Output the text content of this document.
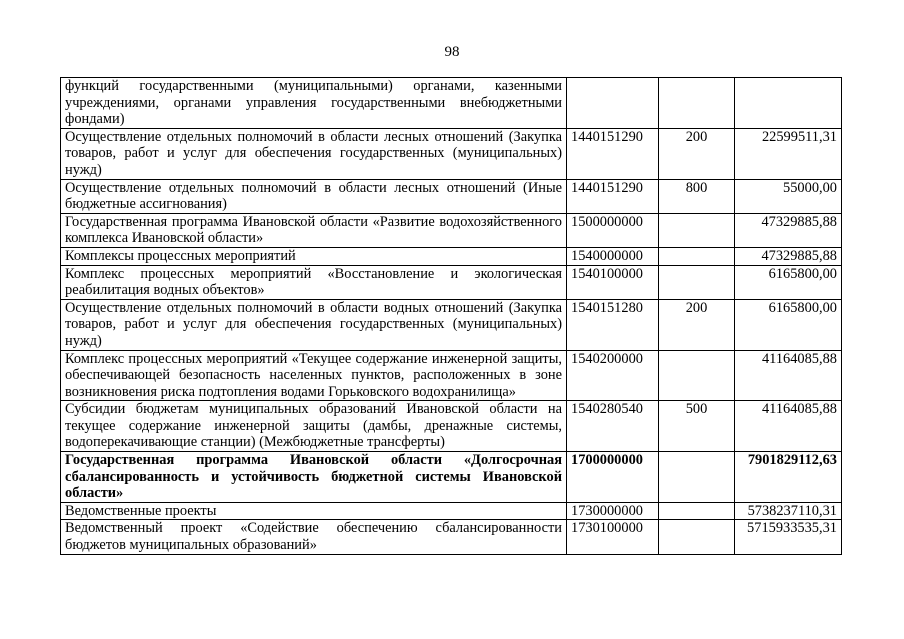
98
функций государственными (муниципальными) органами, казенными учреждениями, органами управления государственными внебюджетными фондами)			
Осуществление отдельных полномочий в области лесных отношений (Закупка товаров, работ и услуг для обеспечения государственных (муниципальных) нужд)	1440151290	200	22599511,31
Осуществление отдельных полномочий в области лесных отношений (Иные бюджетные ассигнования)	1440151290	800	55000,00
Государственная программа Ивановской области «Развитие водохозяйственного комплекса Ивановской области»	1500000000		47329885,88
Комплексы процессных мероприятий	1540000000		47329885,88
Комплекс процессных мероприятий «Восстановление и экологическая реабилитация водных объектов»	1540100000		6165800,00
Осуществление отдельных полномочий в области водных отношений (Закупка товаров, работ и услуг для обеспечения государственных (муниципальных) нужд)	1540151280	200	6165800,00
Комплекс процессных мероприятий «Текущее содержание инженерной защиты, обеспечивающей безопасность населенных пунктов, расположенных в зоне возникновения риска подтопления водами Горьковского водохранилища»	1540200000		41164085,88
Субсидии бюджетам муниципальных образований Ивановской области на текущее содержание инженерной защиты (дамбы, дренажные системы, водоперекачивающие станции) (Межбюджетные трансферты)	1540280540	500	41164085,88
Государственная программа Ивановской области «Долгосрочная сбалансированность и устойчивость бюджетной системы Ивановской области»	1700000000		7901829112,63
Ведомственные проекты	1730000000		5738237110,31
Ведомственный проект «Содействие обеспечению сбалансированности бюджетов муниципальных образований»	1730100000		5715933535,31
